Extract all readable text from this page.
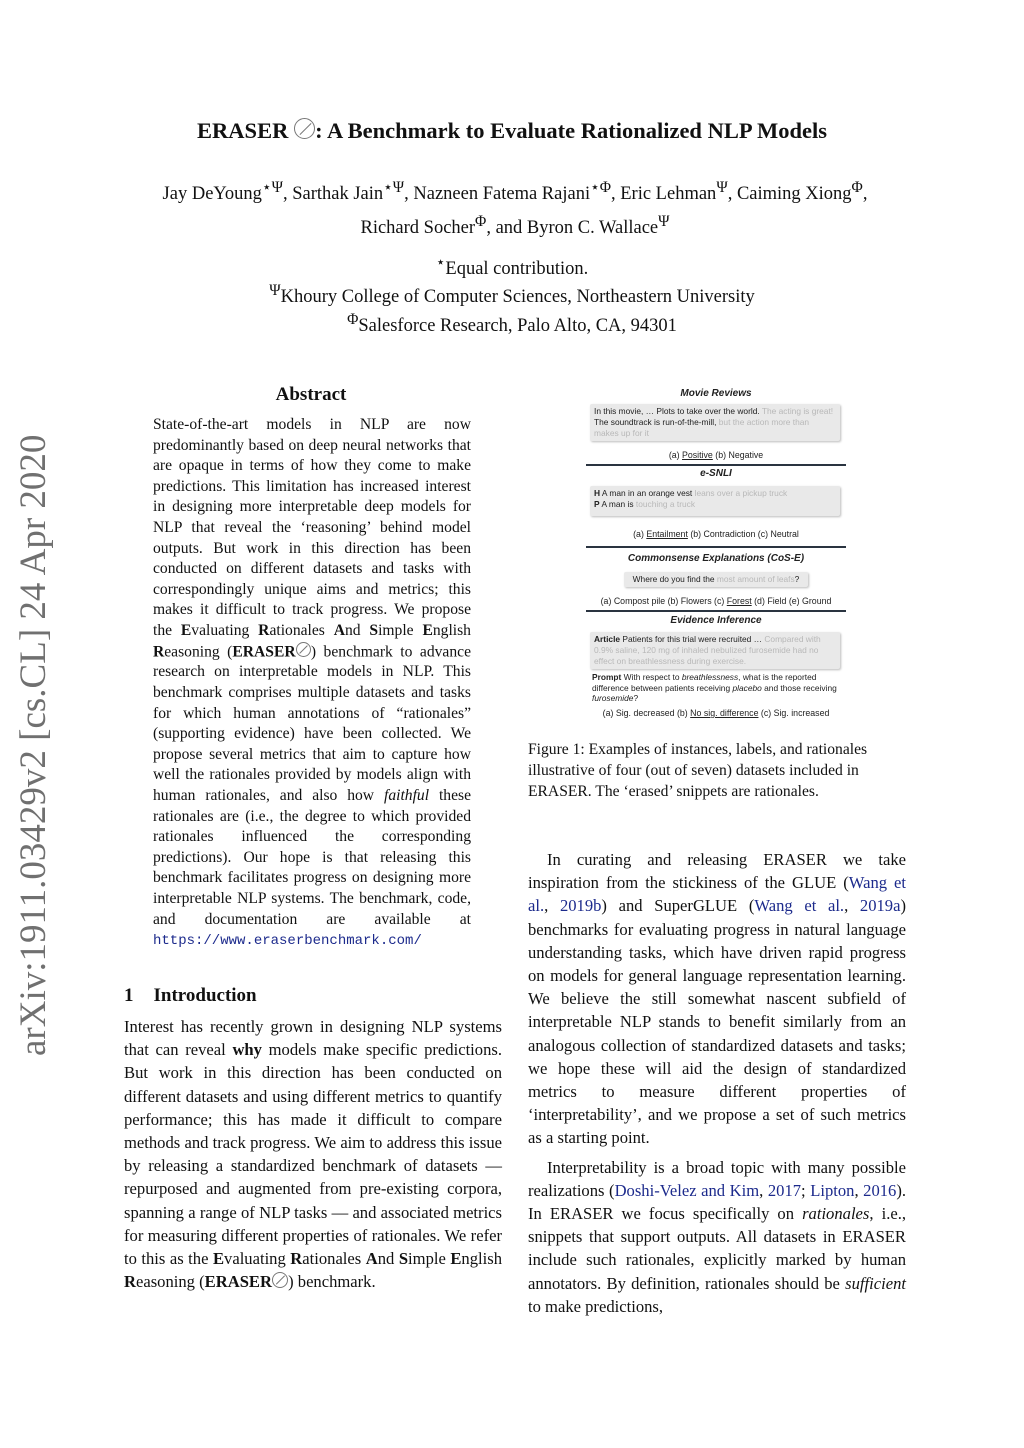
arXiv:1911.03429v2 [cs.CL] 24 Apr 2020
ERASER : A Benchmark to Evaluate Rationalized NLP Models
Jay DeYoung$^{⋆\Psi}$, Sarthak Jain$^{⋆\Psi}$, Nazneen Fatema Rajani$^{⋆\Phi}$, Eric Lehman$^\Psi$, Caiming Xiong$^\Phi$,
Richard Socher$^\Phi$, and Byron C. Wallace$^\Psi$
⋆Equal contribution.
$^\Psi$Khoury College of Computer Sciences, Northeastern University
$^\Phi$Salesforce Research, Palo Alto, CA, 94301
Abstract

State-of-the-art models in NLP are now predominantly based on deep neural networks that are opaque in terms of how they come to make predictions. This limitation has increased interest in designing more interpretable deep models for NLP that reveal the ‘reasoning’ behind model outputs. But work in this direction has been conducted on different datasets and tasks with correspondingly unique aims and metrics; this makes it difficult to track progress. We propose the Evaluating Rationales And Simple English Reasoning (ERASER ) benchmark to advance research on interpretable models in NLP. This benchmark comprises multiple datasets and tasks for which human annotations of “rationales” (supporting evidence) have been collected. We propose several metrics that aim to capture how well the rationales provided by models align with human rationales, and also how faithful these rationales are (i.e., the degree to which provided rationales influenced the corresponding predictions). Our hope is that releasing this benchmark facilitates progress on designing more interpretable NLP systems. The benchmark, code, and documentation are available at https://www.eraserbenchmark.com/

1 Introduction

Interest has recently grown in designing NLP systems that can reveal why models make specific predictions. But work in this direction has been conducted on different datasets and using different metrics to quantify performance; this has made it difficult to compare methods and track progress. We aim to address this issue by releasing a standardized benchmark of datasets — repurposed and augmented from pre-existing corpora, spanning a range of NLP tasks — and associated metrics for measuring different properties of rationales. We refer to this as the Evaluating Rationales And Simple English Reasoning (ERASER ) benchmark.

Movie Reviews
In this movie, … Plots to take over the world. The acting is great! The soundtrack is run-of-the-mill, but the action more than makes up for it
(a) Positive (b) Negative
e-SNLI
H A man in an orange vest leans over a pickup truck
P A man is touching a truck
(a) Entailment (b) Contradiction (c) Neutral
Commonsense Explanations (CoS-E)
Where do you find the most amount of leafs?
(a) Compost pile (b) Flowers (c) Forest (d) Field (e) Ground
Evidence Inference
Article Patients for this trial were recruited … Compared with 0.9% saline, 120 mg of inhaled nebulized furosemide had no effect on breathlessness during exercise.
Prompt With respect to breathlessness, what is the reported difference between patients receiving placebo and those receiving furosemide?
(a) Sig. decreased (b) No sig. difference (c) Sig. increased
Figure 1: Examples of instances, labels, and rationales illustrative of four (out of seven) datasets included in ERASER. The ‘erased’ snippets are rationales.

In curating and releasing ERASER we take inspiration from the stickiness of the GLUE (Wang et al., 2019b) and SuperGLUE (Wang et al., 2019a) benchmarks for evaluating progress in natural language understanding tasks, which have driven rapid progress on models for general language representation learning. We believe the still somewhat nascent subfield of interpretable NLP stands to benefit similarly from an analogous collection of standardized datasets and tasks; we hope these will aid the design of standardized metrics to measure different properties of ‘interpretability’, and we propose a set of such metrics as a starting point.

Interpretability is a broad topic with many possible realizations (Doshi-Velez and Kim, 2017; Lipton, 2016). In ERASER we focus specifically on rationales, i.e., snippets that support outputs. All datasets in ERASER include such rationales, explicitly marked by human annotators. By definition, rationales should be sufficient to make predictions,
